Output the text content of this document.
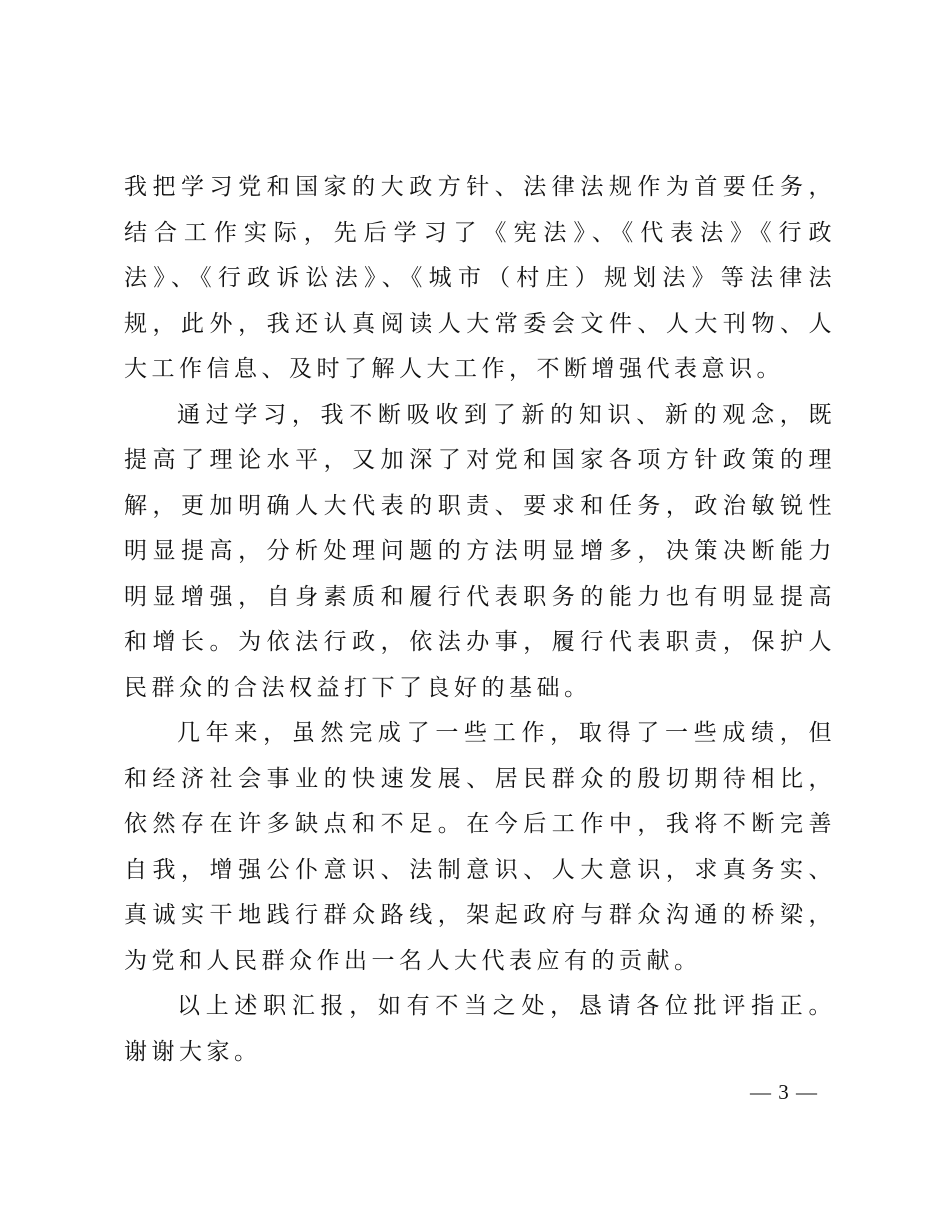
我把学习党和国家的大政方针、法律法规作为首要任务，结合工作实际，先后学习了《宪法》、《代表法》《行政法》、《行政诉讼法》、《城市（村庄）规划法》等法律法规，此外，我还认真阅读人大常委会文件、人大刊物、人大工作信息、及时了解人大工作，不断增强代表意识。

通过学习，我不断吸收到了新的知识、新的观念，既提高了理论水平，又加深了对党和国家各项方针政策的理解，更加明确人大代表的职责、要求和任务，政治敏锐性明显提高，分析处理问题的方法明显增多，决策决断能力明显增强，自身素质和履行代表职务的能力也有明显提高和增长。为依法行政，依法办事，履行代表职责，保护人民群众的合法权益打下了良好的基础。

几年来，虽然完成了一些工作，取得了一些成绩，但和经济社会事业的快速发展、居民群众的殷切期待相比，依然存在许多缺点和不足。在今后工作中，我将不断完善自我，增强公仆意识、法制意识、人大意识，求真务实、真诚实干地践行群众路线，架起政府与群众沟通的桥梁，为党和人民群众作出一名人大代表应有的贡献。

以上述职汇报，如有不当之处，恳请各位批评指正。谢谢大家。

— 3 —
